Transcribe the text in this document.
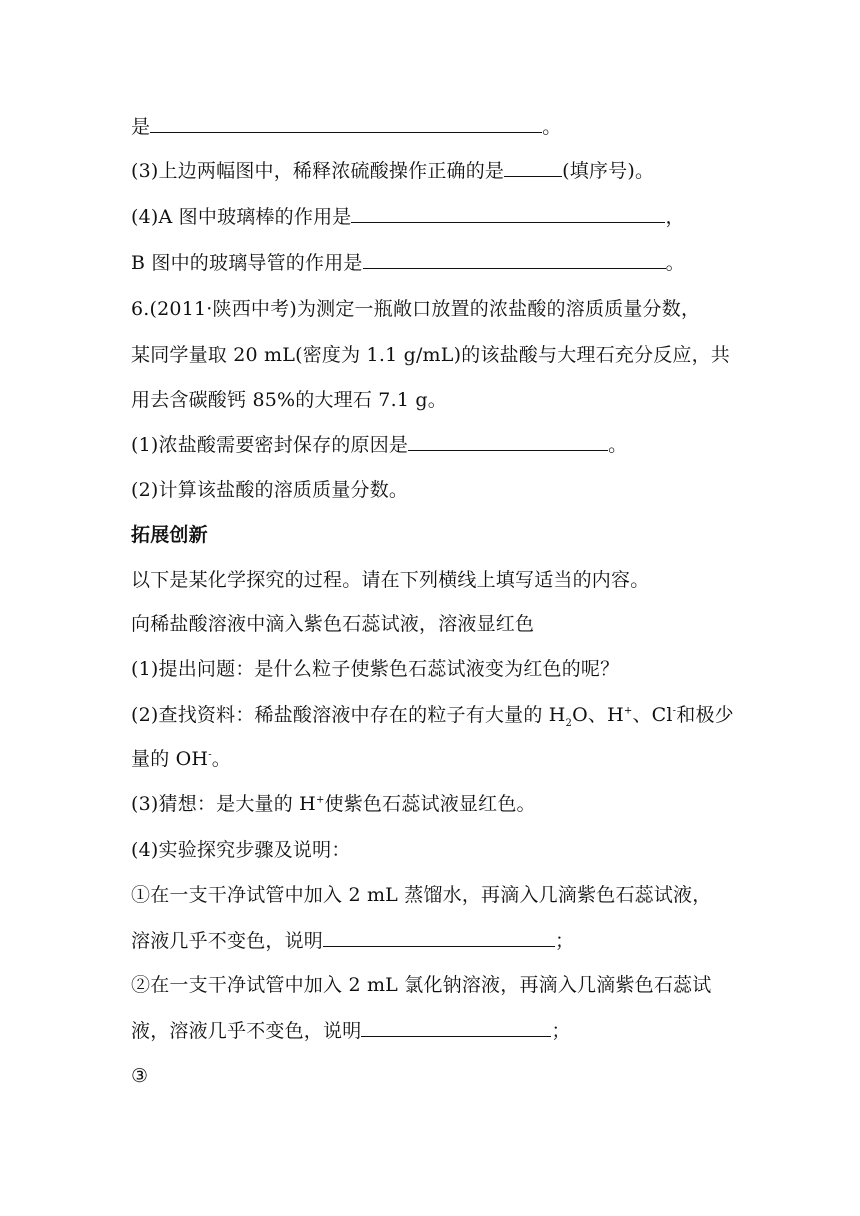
是	。
(3)上边两幅图中，稀释浓硫酸操作正确的是	(填序号)。
(4)A 图中玻璃棒的作用是	，
B 图中的玻璃导管的作用是	。
6.(2011·陕西中考)为测定一瓶敞口放置的浓盐酸的溶质质量分数，
某同学量取 20 mL(密度为 1.1 g/mL)的该盐酸与大理石充分反应，共
用去含碳酸钙 85%的大理石 7.1 g。
(1)浓盐酸需要密封保存的原因是	。
(2)计算该盐酸的溶质质量分数。
拓展创新
以下是某化学探究的过程。请在下列横线上填写适当的内容。
向稀盐酸溶液中滴入紫色石蕊试液，溶液显红色
(1)提出问题：是什么粒子使紫色石蕊试液变为红色的呢？
(2)查找资料：稀盐酸溶液中存在的粒子有大量的 $H_2O$、H+、Cl-和极少
量的 OH-。
(3)猜想：是大量的 H+使紫色石蕊试液显红色。
(4)实验探究步骤及说明：
①在一支干净试管中加入 2 mL 蒸馏水，再滴入几滴紫色石蕊试液，
溶液几乎不变色，说明	；
②在一支干净试管中加入 2 mL 氯化钠溶液，再滴入几滴紫色石蕊试
液，溶液几乎不变色，说明	；
③
